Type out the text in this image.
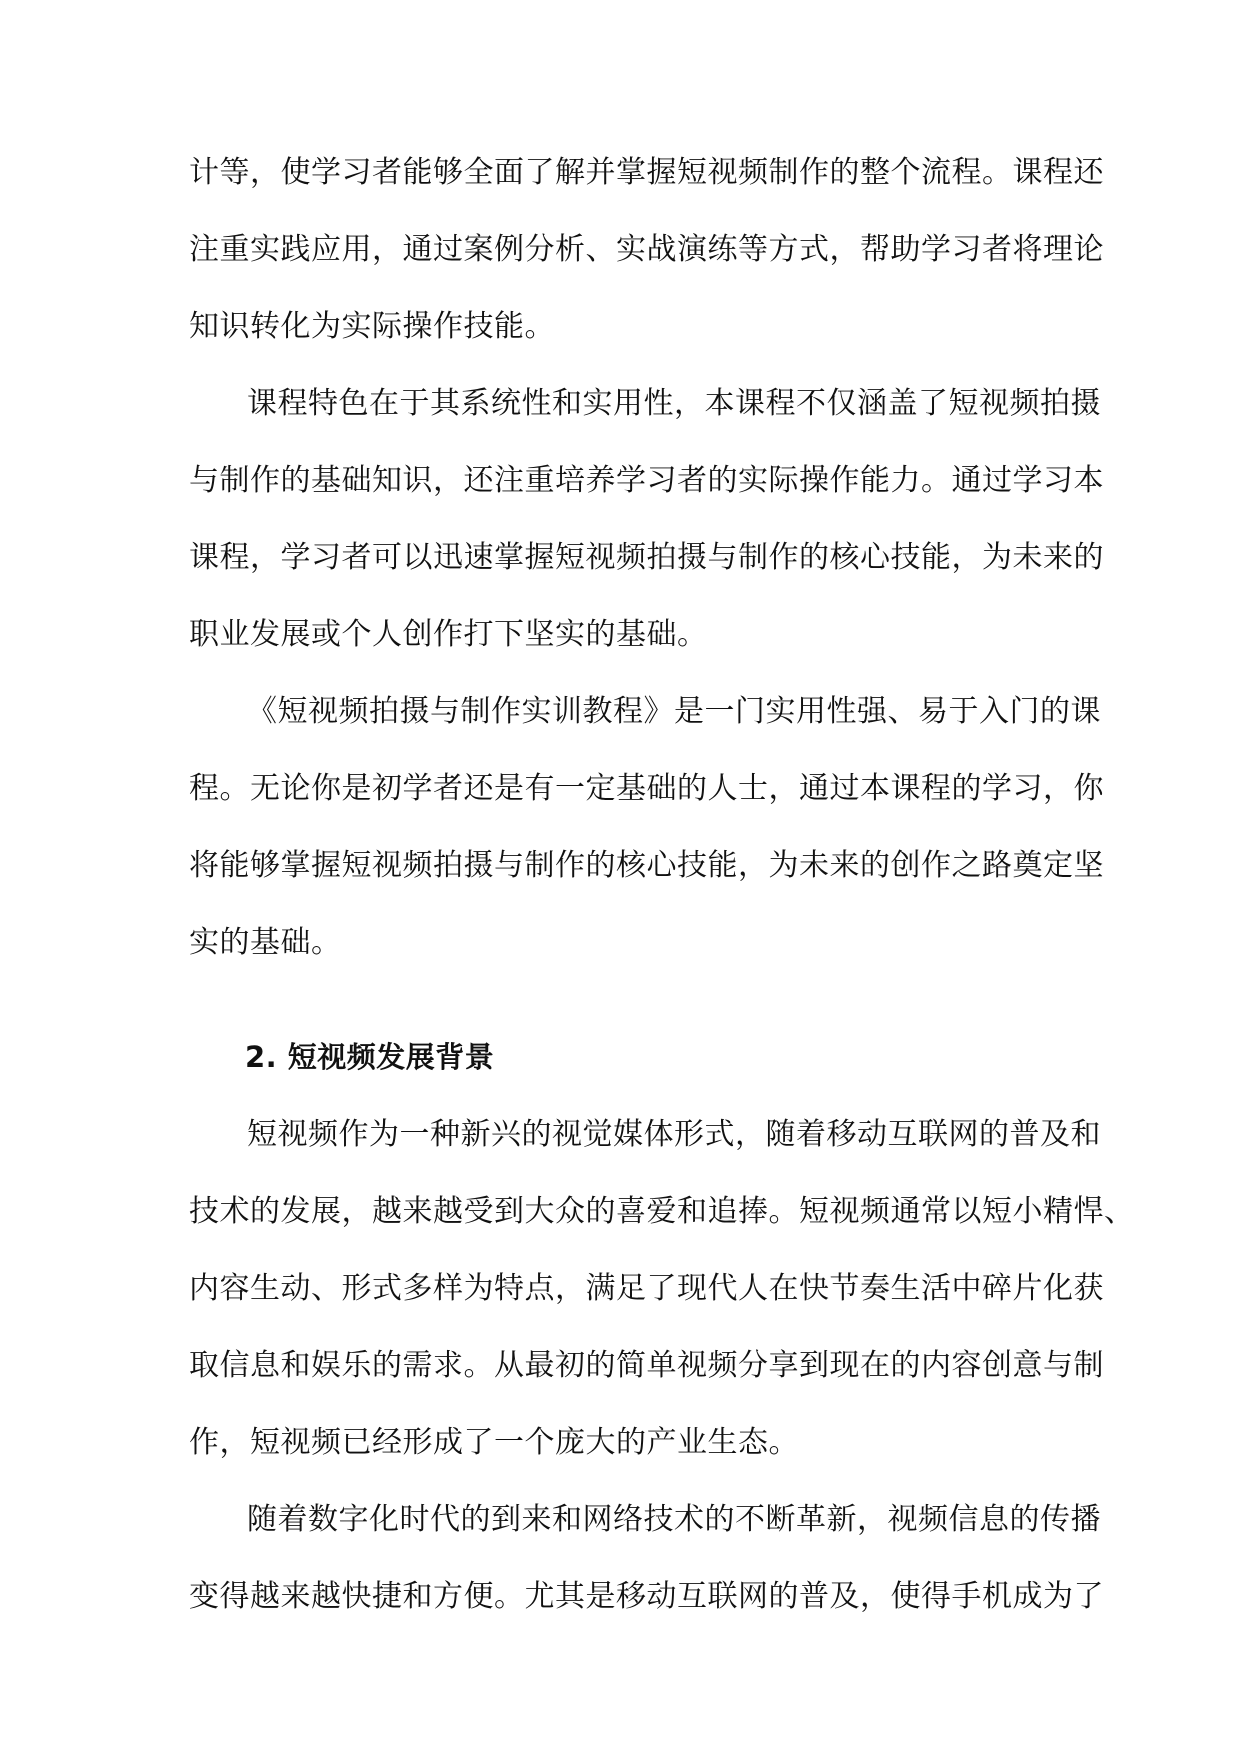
计等，使学习者能够全面了解并掌握短视频制作的整个流程。课程还
注重实践应用，通过案例分析、实战演练等方式，帮助学习者将理论
知识转化为实际操作技能。
课程特色在于其系统性和实用性，本课程不仅涵盖了短视频拍摄
与制作的基础知识，还注重培养学习者的实际操作能力。通过学习本
课程，学习者可以迅速掌握短视频拍摄与制作的核心技能，为未来的
职业发展或个人创作打下坚实的基础。
《短视频拍摄与制作实训教程》是一门实用性强、易于入门的课
程。无论你是初学者还是有一定基础的人士，通过本课程的学习，你
将能够掌握短视频拍摄与制作的核心技能，为未来的创作之路奠定坚
实的基础。
2. 短视频发展背景
短视频作为一种新兴的视觉媒体形式，随着移动互联网的普及和
技术的发展，越来越受到大众的喜爱和追捧。短视频通常以短小精悍、
内容生动、形式多样为特点，满足了现代人在快节奏生活中碎片化获
取信息和娱乐的需求。从最初的简单视频分享到现在的内容创意与制
作，短视频已经形成了一个庞大的产业生态。
随着数字化时代的到来和网络技术的不断革新，视频信息的传播
变得越来越快捷和方便。尤其是移动互联网的普及，使得手机成为了
